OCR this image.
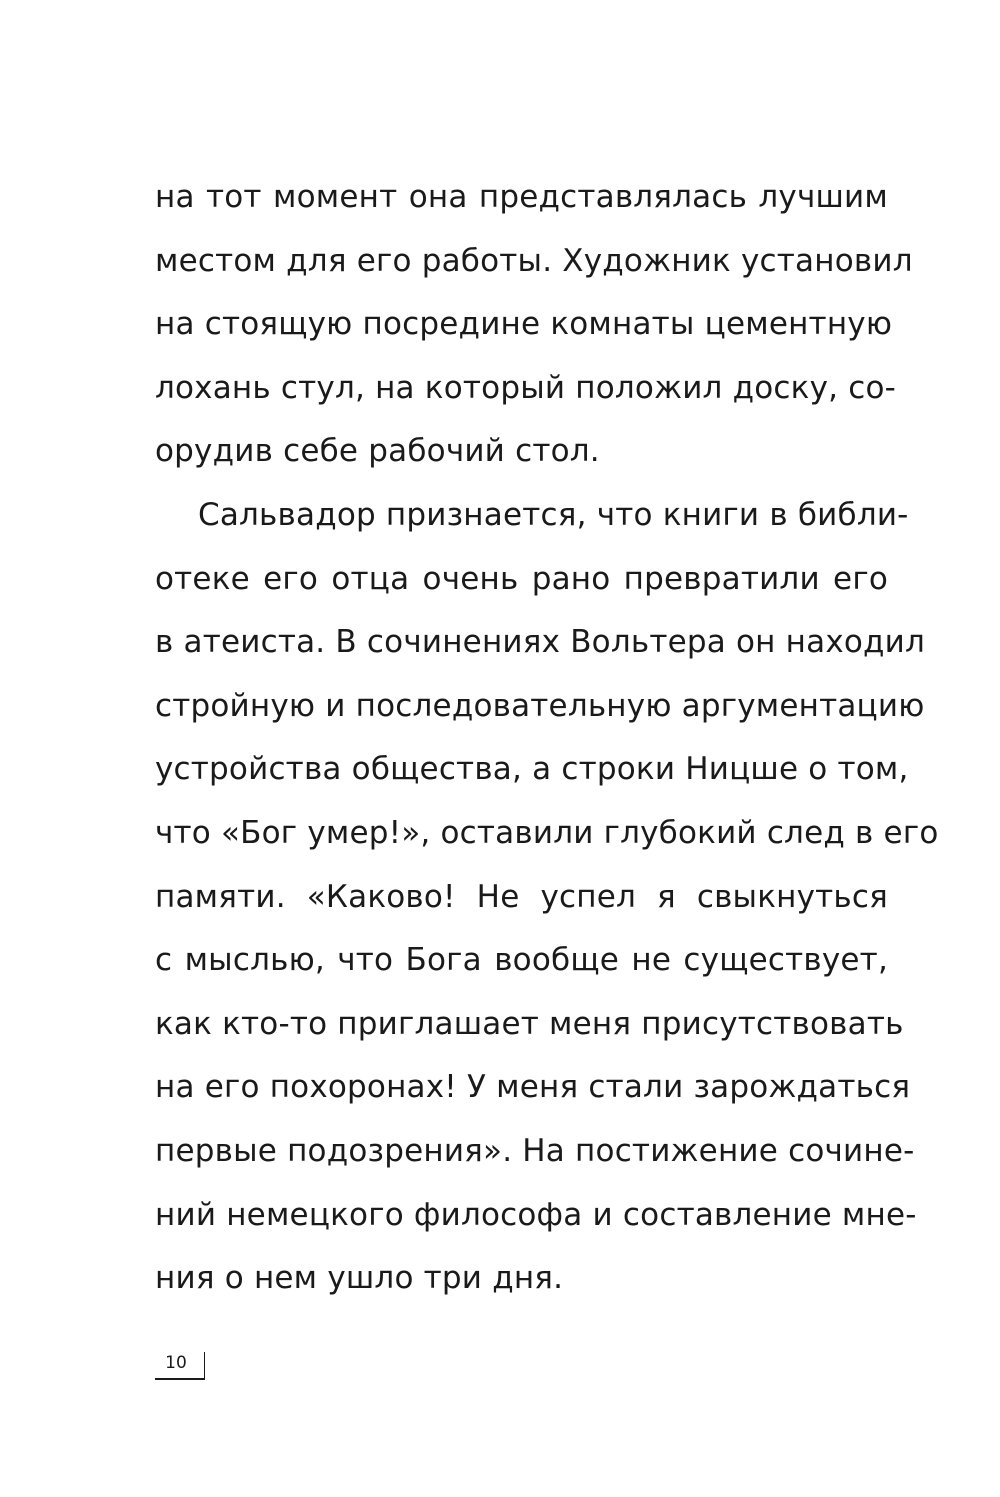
на тот момент она представлялась лучшим
местом для его работы. Художник установил
на стоящую посредине комнаты цементную
лохань стул, на который положил доску, со-
орудив себе рабочий стол.
Сальвадор признается, что книги в библи-
отеке его отца очень рано превратили его
в атеиста. В сочинениях Вольтера он находил
стройную и последовательную аргументацию
устройства общества, а строки Ницше о том,
что «Бог умер!», оставили глубокий след в его
памяти. «Каково! Не успел я свыкнуться
с мыслью, что Бога вообще не существует,
как кто-то приглашает меня присутствовать
на его похоронах! У меня стали зарождаться
первые подозрения». На постижение сочине-
ний немецкого философа и составление мне-
ния о нем ушло три дня.
10
